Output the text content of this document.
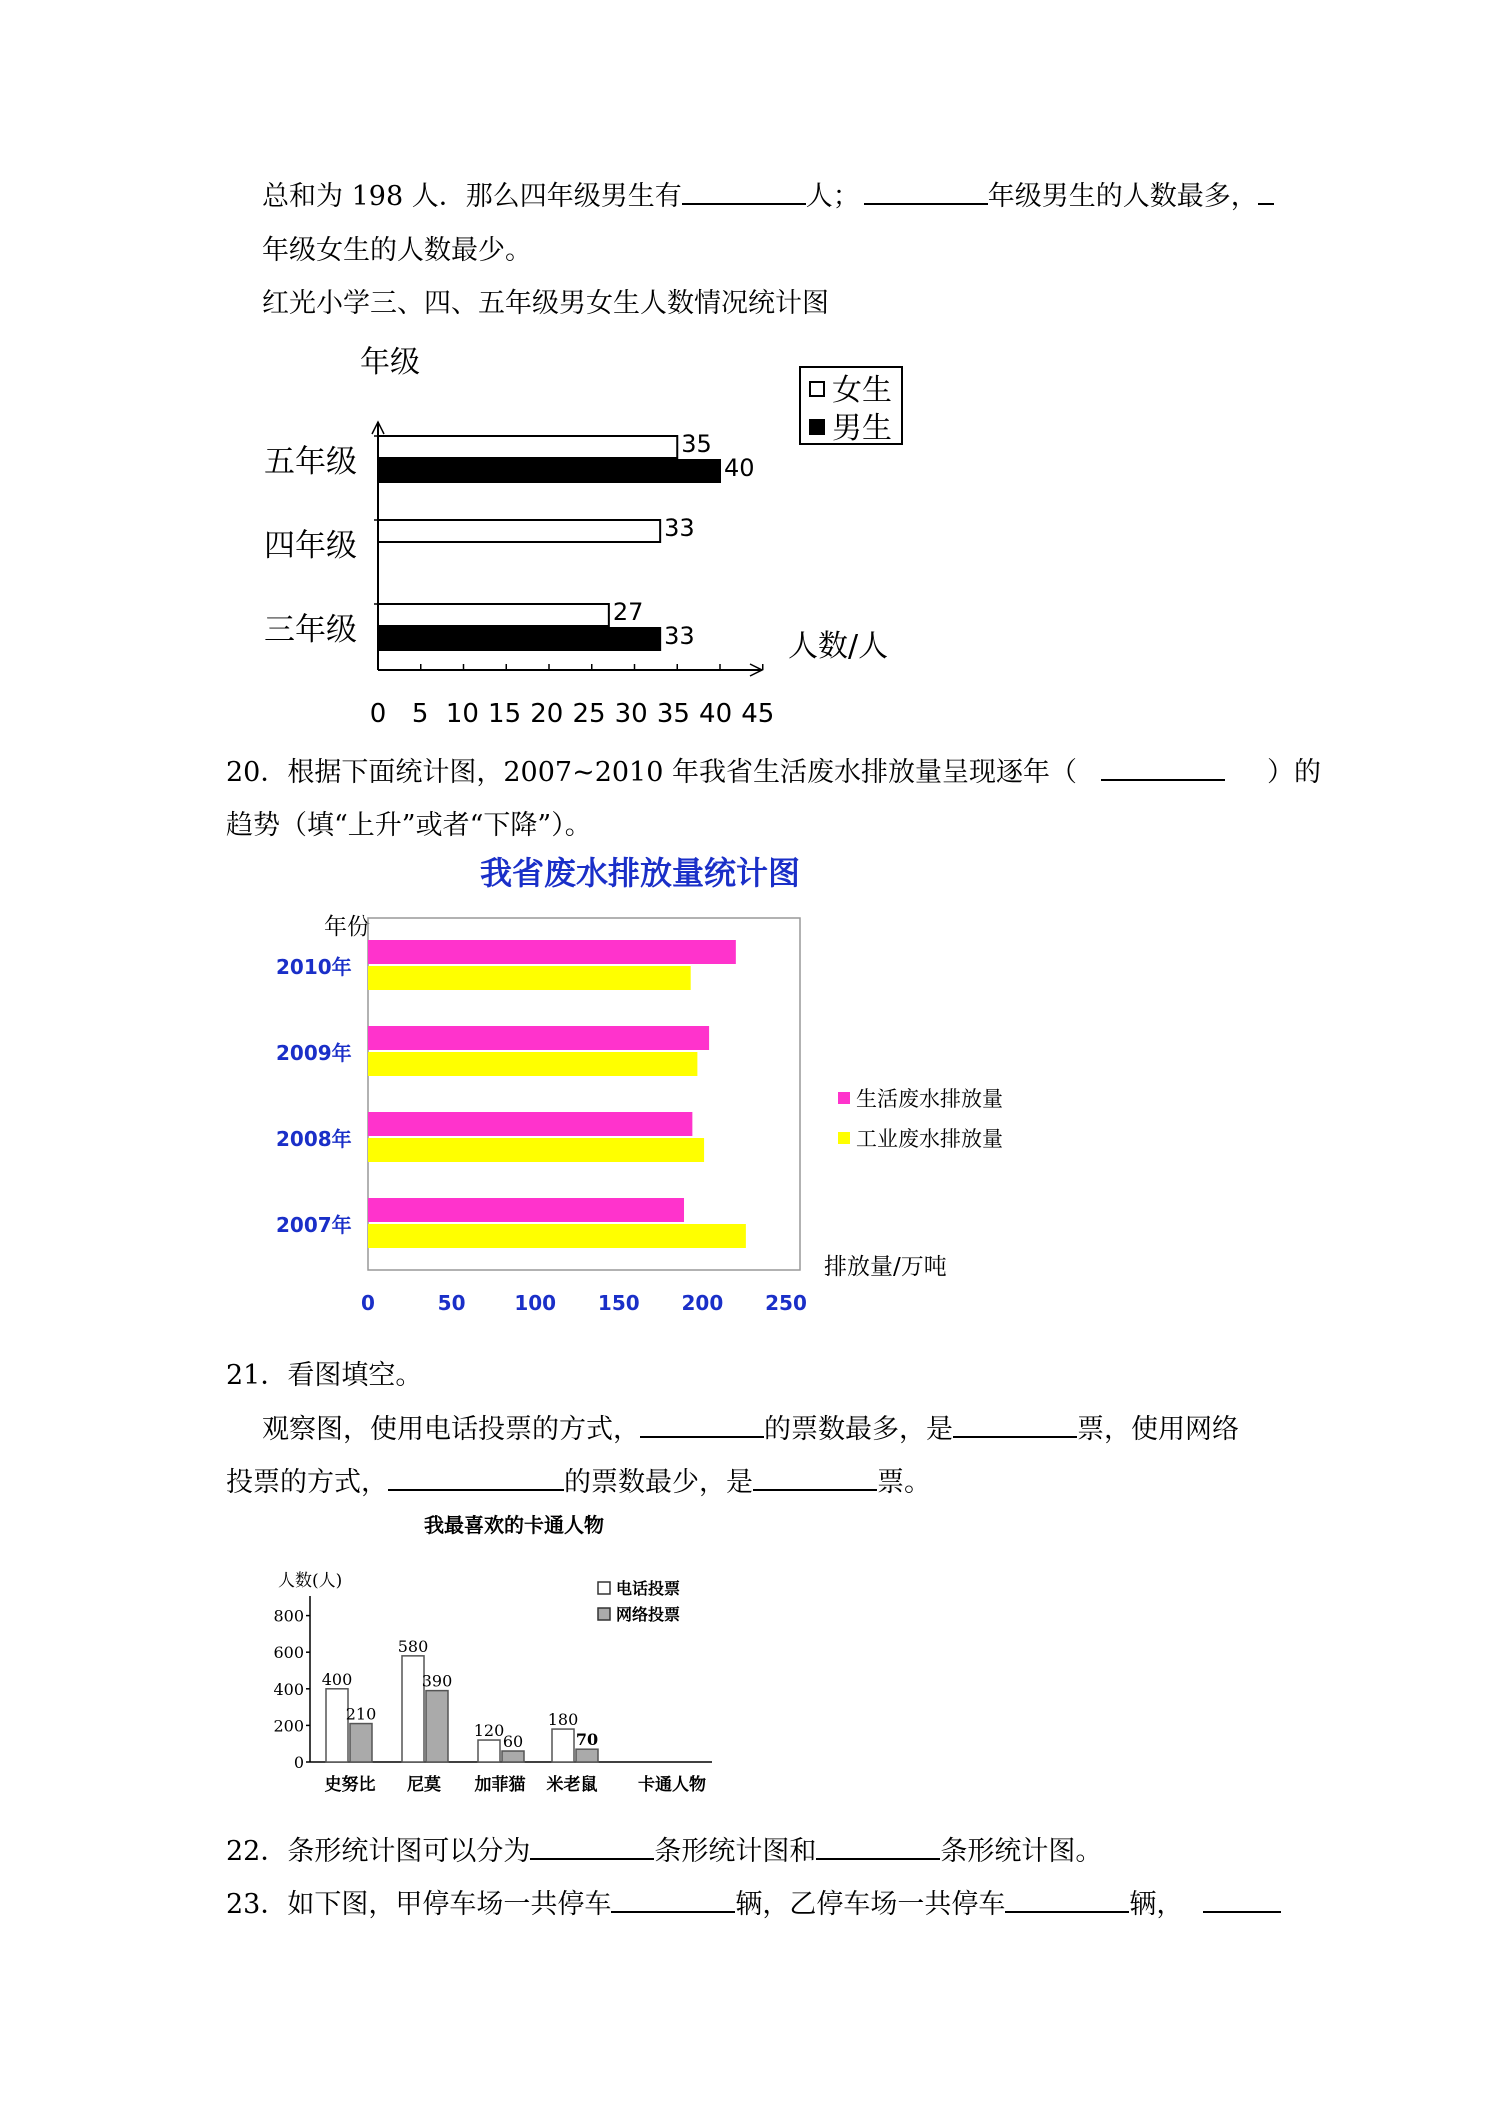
总和为 198 人．那么四年级男生有	人；	年级男生的人数最多，
年级女生的人数最少。
红光小学三、四、五年级男女生人数情况统计图
0 5 10 15 20 25 30 35 40 45
年级
人数/人
五年级	35
40
四年级	33
三年级	27
33
女生
男生
20．根据下面统计图，2007~2010 年我省生活废水排放量呈现逐年（	）的
趋势（填“上升”或者“下降”）。
我省废水排放量统计图
年份
2010年
2009年
2008年
2007年
0	50 100 150 200 250
排放量/万吨
生活废水排放量
工业废水排放量
21．看图填空。
观察图，使用电话投票的方式，	的票数最多，是	票，使用网络
投票的方式，	的票数最少，是	票。
我最喜欢的卡通人物
人数(人)
0
200
400
600
800
400
210
史努比
580
390
尼莫
120
60
加菲猫
180
70
米老鼠 卡通人物
电话投票
网络投票
22．条形统计图可以分为	条形统计图和	条形统计图。
23．如下图，甲停车场一共停车	辆，乙停车场一共停车	辆，
